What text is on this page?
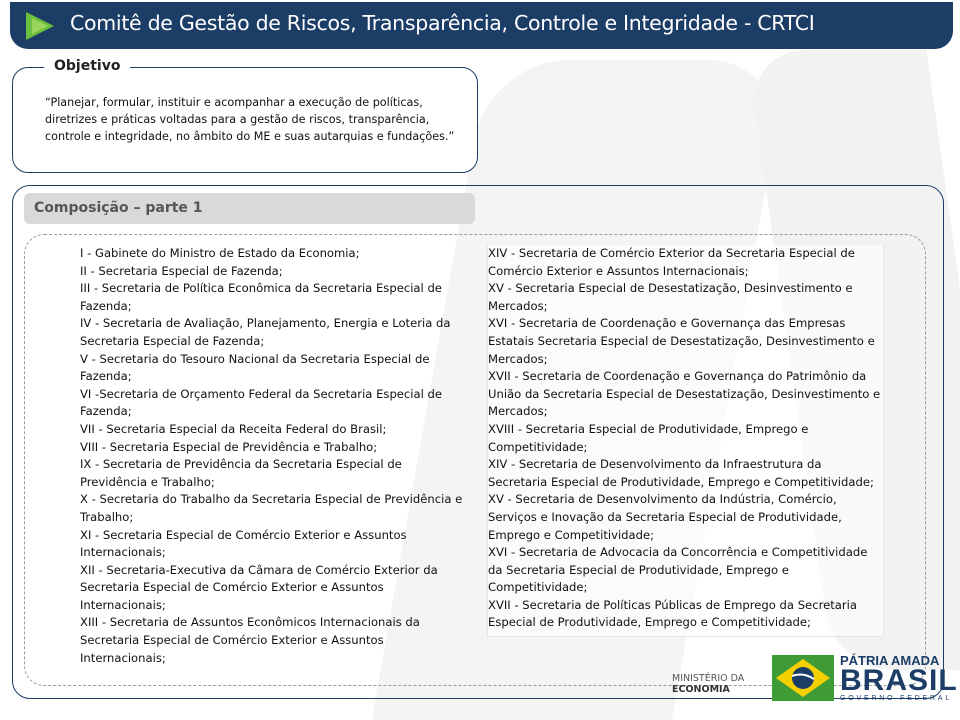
Comitê de Gestão de Riscos, Transparência, Controle e Integridade - CRTCI
“Planejar, formular, instituir e acompanhar a execução de políticas,
diretrizes e práticas voltadas para a gestão de riscos, transparência,
controle e integridade, no âmbito do ME e suas autarquias e fundações.”
Objetivo
Composição – parte 1

I - Gabinete do Ministro de Estado da Economia;

II - Secretaria Especial de Fazenda;

III - Secretaria de Política Econômica da Secretaria Especial de Fazenda;

IV - Secretaria de Avaliação, Planejamento, Energia e Loteria da Secretaria Especial de Fazenda;

V - Secretaria do Tesouro Nacional da Secretaria Especial de Fazenda;

VI -Secretaria de Orçamento Federal da Secretaria Especial de Fazenda;

VII - Secretaria Especial da Receita Federal do Brasil;

VIII - Secretaria Especial de Previdência e Trabalho;

IX - Secretaria de Previdência da Secretaria Especial de Previdência e Trabalho;

X - Secretaria do Trabalho da Secretaria Especial de Previdência e Trabalho;

XI - Secretaria Especial de Comércio Exterior e Assuntos Internacionais;

XII - Secretaria-Executiva da Câmara de Comércio Exterior da Secretaria Especial de Comércio Exterior e Assuntos Internacionais;

XIII - Secretaria de Assuntos Econômicos Internacionais da Secretaria Especial de Comércio Exterior e Assuntos Internacionais;

XIV - Secretaria de Comércio Exterior da Secretaria Especial de Comércio Exterior e Assuntos Internacionais;

XV - Secretaria Especial de Desestatização, Desinvestimento e Mercados;

XVI - Secretaria de Coordenação e Governança das Empresas Estatais Secretaria Especial de Desestatização, Desinvestimento e Mercados;

XVII - Secretaria de Coordenação e Governança do Patrimônio da União da Secretaria Especial de Desestatização, Desinvestimento e Mercados;

XVIII - Secretaria Especial de Produtividade, Emprego e Competitividade;

XIV - Secretaria de Desenvolvimento da Infraestrutura da Secretaria Especial de Produtividade, Emprego e Competitividade;

XV - Secretaria de Desenvolvimento da Indústria, Comércio, Serviços e Inovação da Secretaria Especial de Produtividade, Emprego e Competitividade;

XVI - Secretaria de Advocacia da Concorrência e Competitividade da Secretaria Especial de Produtividade, Emprego e Competitividade;

XVII - Secretaria de Políticas Públicas de Emprego da Secretaria Especial de Produtividade, Emprego e Competitividade;

MINISTÉRIO DA
ECONOMIA
PÁTRIA AMADA
BRASIL
GOVERNO FEDERAL
